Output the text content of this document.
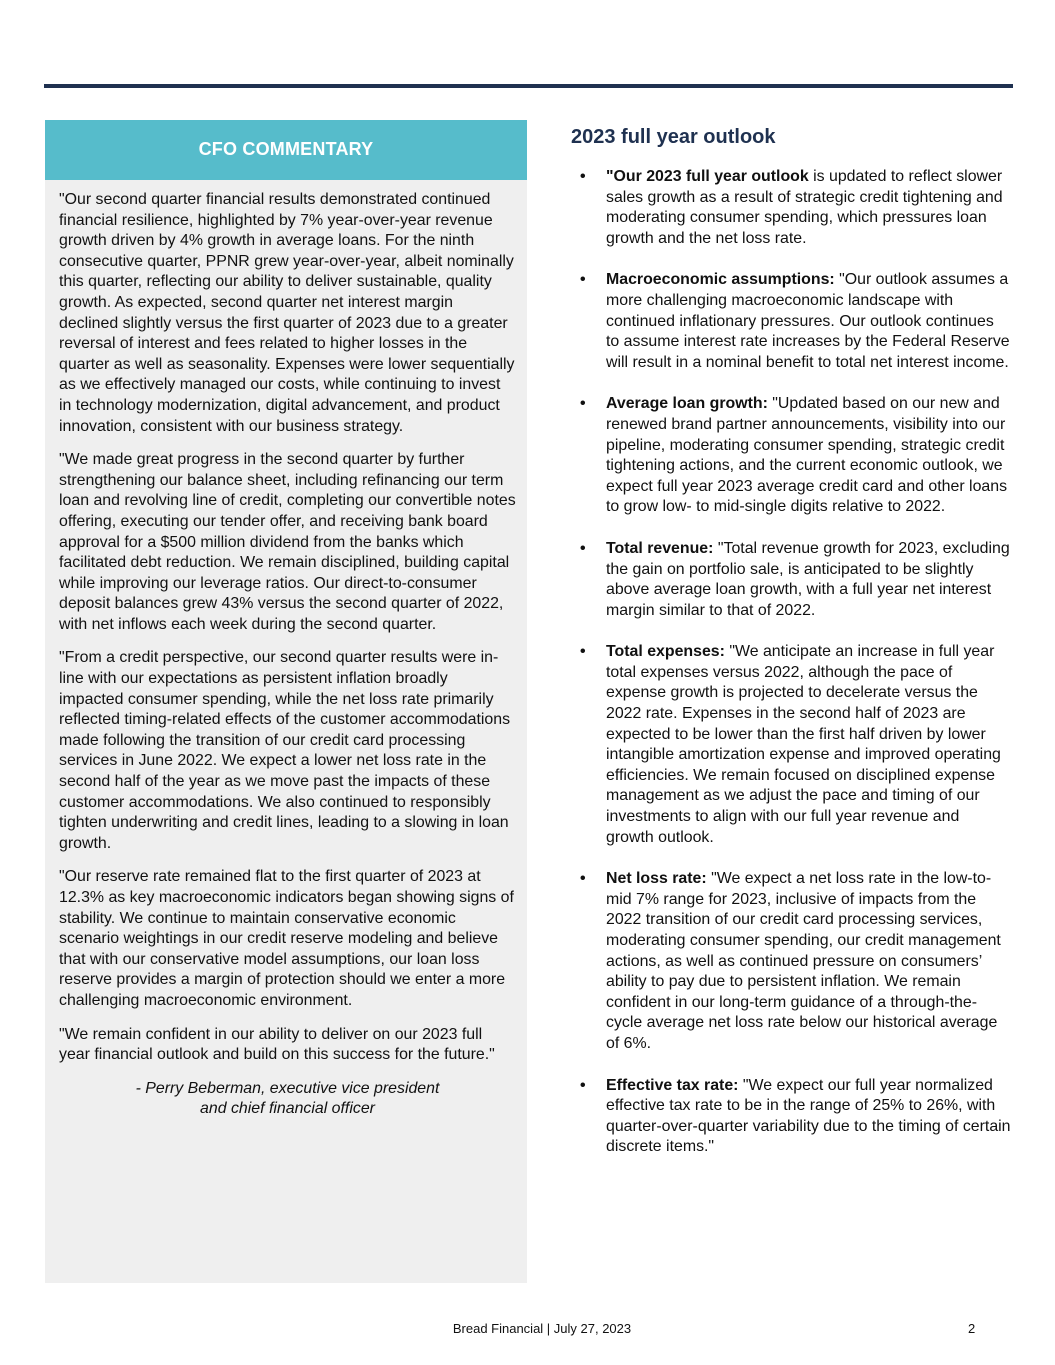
CFO COMMENTARY

"Our second quarter financial results demonstrated continued financial resilience, highlighted by 7% year-over-year revenue growth driven by 4% growth in average loans. For the ninth consecutive quarter, PPNR grew year-over-year, albeit nominally this quarter, reflecting our ability to deliver sustainable, quality growth. As expected, second quarter net interest margin declined slightly versus the first quarter of 2023 due to a greater reversal of interest and fees related to higher losses in the quarter as well as seasonality. Expenses were lower sequentially as we effectively managed our costs, while continuing to invest in technology modernization, digital advancement, and product innovation, consistent with our business strategy.

"We made great progress in the second quarter by further strengthening our balance sheet, including refinancing our term loan and revolving line of credit, completing our convertible notes offering, executing our tender offer, and receiving bank board approval for a $500 million dividend from the banks which facilitated debt reduction. We remain disciplined, building capital while improving our leverage ratios. Our direct-to-consumer deposit balances grew 43% versus the second quarter of 2022, with net inflows each week during the second quarter.

"From a credit perspective, our second quarter results were in-line with our expectations as persistent inflation broadly impacted consumer spending, while the net loss rate primarily reflected timing-related effects of the customer accommodations made following the transition of our credit card processing services in June 2022. We expect a lower net loss rate in the second half of the year as we move past the impacts of these customer accommodations. We also continued to responsibly tighten underwriting and credit lines, leading to a slowing in loan growth.

"Our reserve rate remained flat to the first quarter of 2023 at 12.3% as key macroeconomic indicators began showing signs of stability. We continue to maintain conservative economic scenario weightings in our credit reserve modeling and believe that with our conservative model assumptions, our loan loss reserve provides a margin of protection should we enter a more challenging macroeconomic environment.

"We remain confident in our ability to deliver on our 2023 full year financial outlook and build on this success for the future."

- Perry Beberman, executive vice president
and chief financial officer
2023 full year outlook
• "Our 2023 full year outlook is updated to reflect slower sales growth as a result of strategic credit tightening and moderating consumer spending, which pressures loan growth and the net loss rate.
• Macroeconomic assumptions: "Our outlook assumes a more challenging macroeconomic landscape with continued inflationary pressures. Our outlook continues to assume interest rate increases by the Federal Reserve will result in a nominal benefit to total net interest income.
• Average loan growth: "Updated based on our new and renewed brand partner announcements, visibility into our pipeline, moderating consumer spending, strategic credit tightening actions, and the current economic outlook, we expect full year 2023 average credit card and other loans to grow low- to mid-single digits relative to 2022.
• Total revenue: "Total revenue growth for 2023, excluding the gain on portfolio sale, is anticipated to be slightly above average loan growth, with a full year net interest margin similar to that of 2022.
• Total expenses: "We anticipate an increase in full year total expenses versus 2022, although the pace of expense growth is projected to decelerate versus the 2022 rate. Expenses in the second half of 2023 are expected to be lower than the first half driven by lower intangible amortization expense and improved operating efficiencies. We remain focused on disciplined expense management as we adjust the pace and timing of our investments to align with our full year revenue and growth outlook.
• Net loss rate: "We expect a net loss rate in the low-to-mid 7% range for 2023, inclusive of impacts from the 2022 transition of our credit card processing services, moderating consumer spending, our credit management actions, as well as continued pressure on consumers’ ability to pay due to persistent inflation. We remain confident in our long-term guidance of a through-the-cycle average net loss rate below our historical average of 6%.
• Effective tax rate: "We expect our full year normalized effective tax rate to be in the range of 25% to 26%, with quarter-over-quarter variability due to the timing of certain discrete items."
Bread Financial | July 27, 2023	2
